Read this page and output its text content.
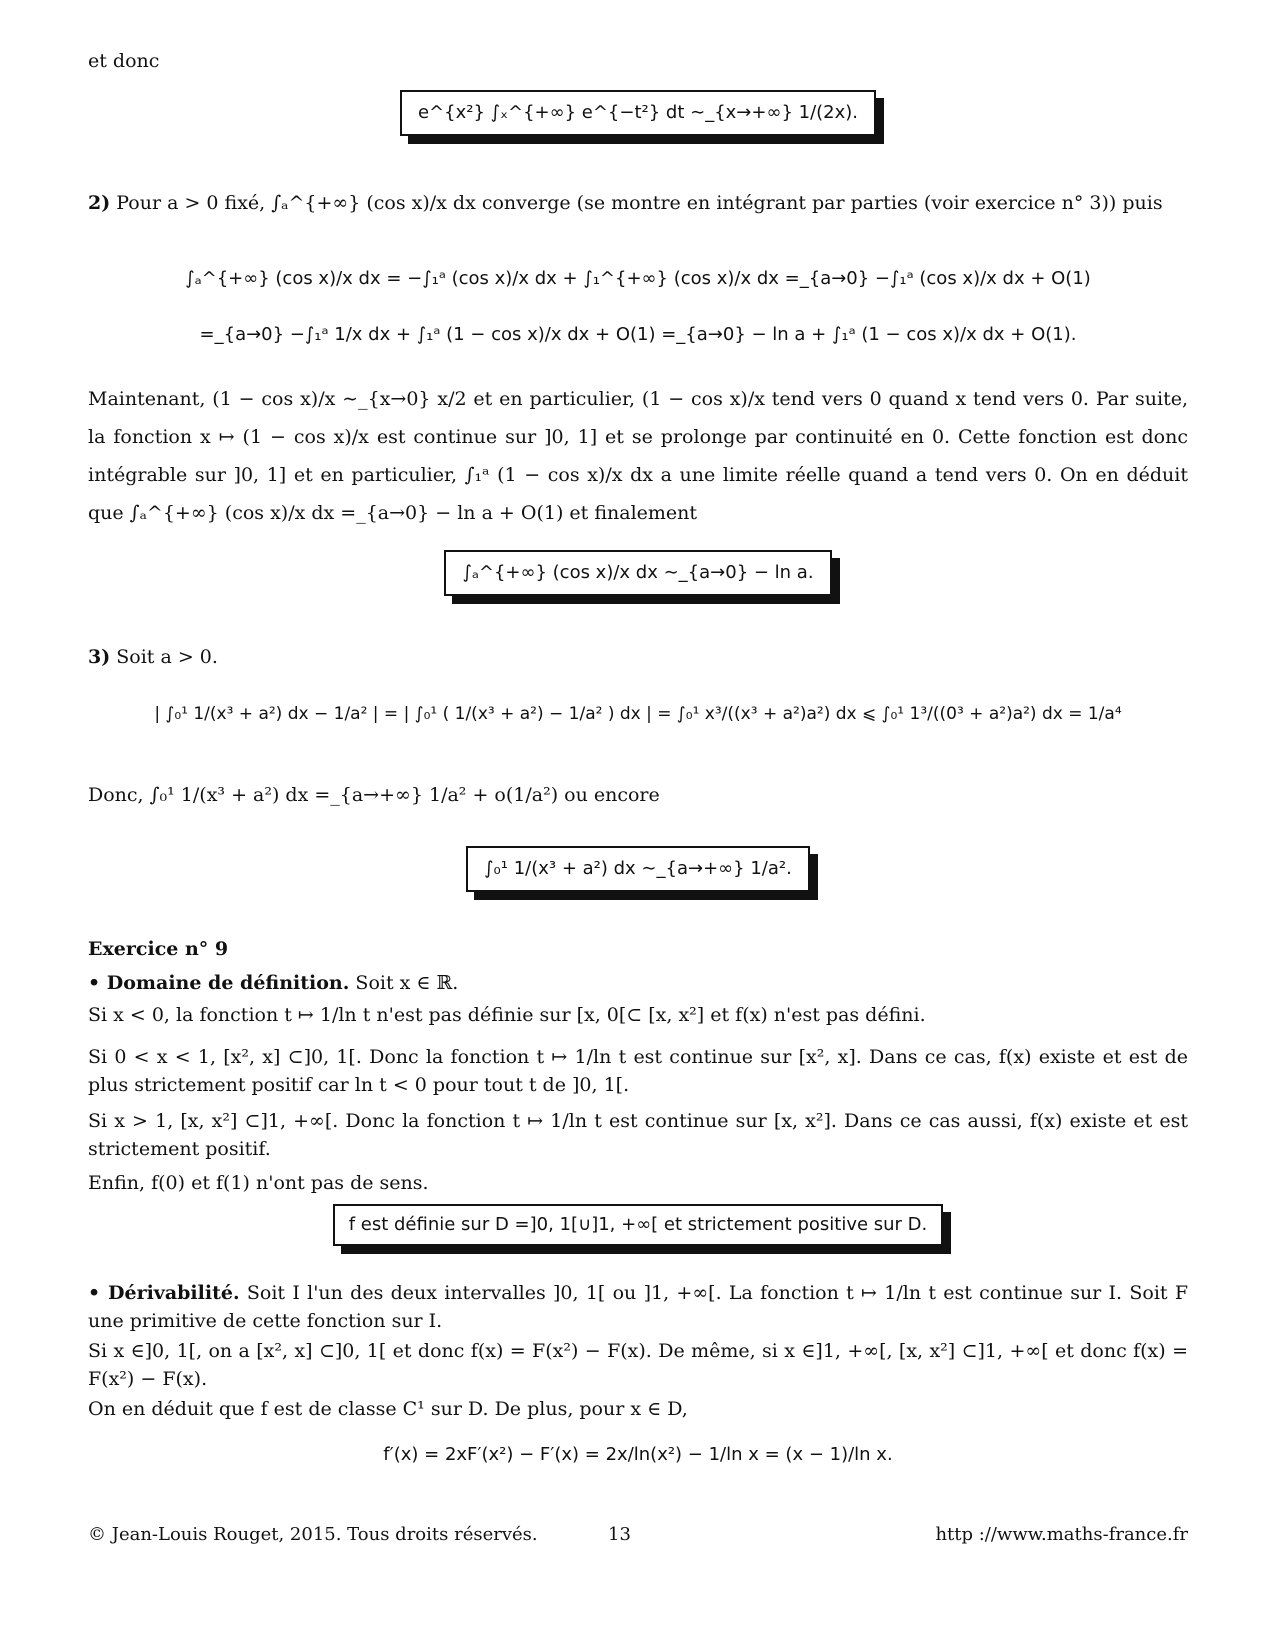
et donc
e^{x²} ∫ₓ^{+∞} e^{−t²} dt ∼_{x→+∞} 1/(2x).
2) Pour a > 0 fixé, ∫ₐ^{+∞} (cos x)/x dx converge (se montre en intégrant par parties (voir exercice n° 3)) puis
∫ₐ^{+∞} (cos x)/x dx = −∫₁ᵃ (cos x)/x dx + ∫₁^{+∞} (cos x)/x dx =_{a→0} −∫₁ᵃ (cos x)/x dx + O(1)
=_{a→0} −∫₁ᵃ 1/x dx + ∫₁ᵃ (1 − cos x)/x dx + O(1) =_{a→0} − ln a + ∫₁ᵃ (1 − cos x)/x dx + O(1).
Maintenant, (1 − cos x)/x ∼_{x→0} x/2 et en particulier, (1 − cos x)/x tend vers 0 quand x tend vers 0. Par suite, la fonction x ↦ (1 − cos x)/x est continue sur ]0, 1] et se prolonge par continuité en 0. Cette fonction est donc intégrable sur ]0, 1] et en particulier, ∫₁ᵃ (1 − cos x)/x dx a une limite réelle quand a tend vers 0. On en déduit que ∫ₐ^{+∞} (cos x)/x dx =_{a→0} − ln a + O(1) et finalement
∫ₐ^{+∞} (cos x)/x dx ∼_{a→0} − ln a.
3) Soit a > 0.
| ∫₀¹ 1/(x³ + a²) dx − 1/a² | = | ∫₀¹ ( 1/(x³ + a²) − 1/a² ) dx | = ∫₀¹ x³/((x³ + a²)a²) dx ⩽ ∫₀¹ 1³/((0³ + a²)a²) dx = 1/a⁴
Donc, ∫₀¹ 1/(x³ + a²) dx =_{a→+∞} 1/a² + o(1/a²) ou encore
∫₀¹ 1/(x³ + a²) dx ∼_{a→+∞} 1/a².
Exercice n° 9
• Domaine de définition. Soit x ∈ ℝ.
Si x < 0, la fonction t ↦ 1/ln t n'est pas définie sur [x, 0[⊂ [x, x²] et f(x) n'est pas défini.
Si 0 < x < 1, [x², x] ⊂]0, 1[. Donc la fonction t ↦ 1/ln t est continue sur [x², x]. Dans ce cas, f(x) existe et est de plus strictement positif car ln t < 0 pour tout t de ]0, 1[.
Si x > 1, [x, x²] ⊂]1, +∞[. Donc la fonction t ↦ 1/ln t est continue sur [x, x²]. Dans ce cas aussi, f(x) existe et est strictement positif.
Enfin, f(0) et f(1) n'ont pas de sens.
f est définie sur D =]0, 1[∪]1, +∞[ et strictement positive sur D.
• Dérivabilité. Soit I l'un des deux intervalles ]0, 1[ ou ]1, +∞[. La fonction t ↦ 1/ln t est continue sur I. Soit F une primitive de cette fonction sur I.
Si x ∈]0, 1[, on a [x², x] ⊂]0, 1[ et donc f(x) = F(x²) − F(x). De même, si x ∈]1, +∞[, [x, x²] ⊂]1, +∞[ et donc f(x) = F(x²) − F(x).
On en déduit que f est de classe C¹ sur D. De plus, pour x ∈ D,
f′(x) = 2xF′(x²) − F′(x) = 2x/ln(x²) − 1/ln x = (x − 1)/ln x.
© Jean-Louis Rouget, 2015. Tous droits réservés.	13	http ://www.maths-france.fr
